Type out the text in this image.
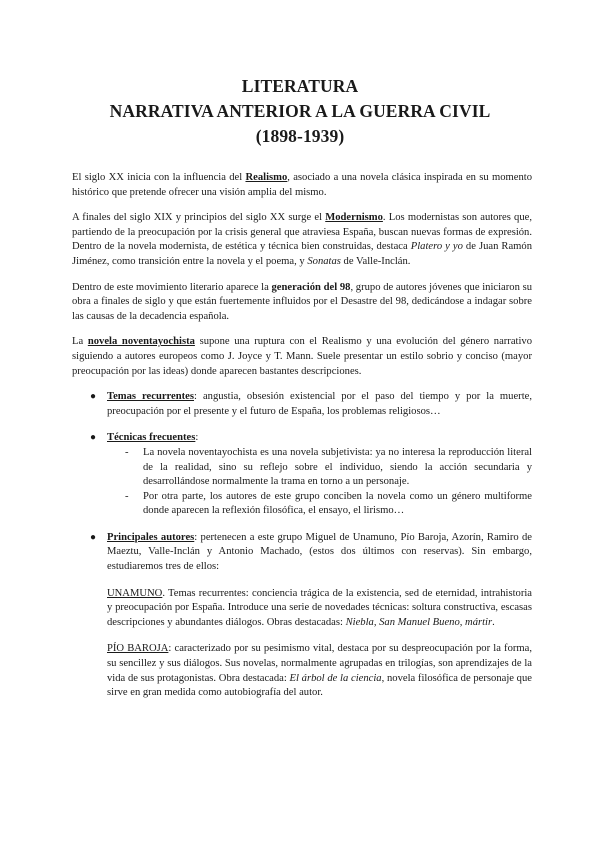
LITERATURA
NARRATIVA ANTERIOR A LA GUERRA CIVIL
(1898-1939)

El siglo XX inicia con la influencia del Realismo, asociado a una novela clásica inspirada en su momento histórico que pretende ofrecer una visión amplia del mismo.

A finales del siglo XIX y principios del siglo XX surge el Modernismo. Los modernistas son autores que, partiendo de la preocupación por la crisis general que atraviesa España, buscan nuevas formas de expresión. Dentro de la novela modernista, de estética y técnica bien construidas, destaca Platero y yo de Juan Ramón Jiménez, como transición entre la novela y el poema, y Sonatas de Valle-Inclán.

Dentro de este movimiento literario aparece la generación del 98, grupo de autores jóvenes que iniciaron su obra a finales de siglo y que están fuertemente influidos por el Desastre del 98, dedicándose a indagar sobre las causas de la decadencia española.

La novela noventayochista supone una ruptura con el Realismo y una evolución del género narrativo siguiendo a autores europeos como J. Joyce y T. Mann. Suele presentar un estilo sobrio y conciso (mayor preocupación por las ideas) donde aparecen bastantes descripciones.

● Temas recurrentes: angustia, obsesión existencial por el paso del tiempo y por la muerte, preocupación por el presente y el futuro de España, los problemas religiosos…
● Técnicas frecuentes:
- La novela noventayochista es una novela subjetivista: ya no interesa la reproducción literal de la realidad, sino su reflejo sobre el individuo, siendo la acción secundaria y desarrollándose normalmente la trama en torno a un personaje.
- Por otra parte, los autores de este grupo conciben la novela como un género multiforme donde aparecen la reflexión filosófica, el ensayo, el lirismo…
● Principales autores: pertenecen a este grupo Miguel de Unamuno, Pío Baroja, Azorín, Ramiro de Maeztu, Valle-Inclán y Antonio Machado, (estos dos últimos con reservas). Sin embargo, estudiaremos tres de ellos:

UNAMUNO. Temas recurrentes: conciencia trágica de la existencia, sed de eternidad, intrahistoria y preocupación por España. Introduce una serie de novedades técnicas: soltura constructiva, escasas descripciones y abundantes diálogos. Obras destacadas: Niebla, San Manuel Bueno, mártir.

PÍO BAROJA: caracterizado por su pesimismo vital, destaca por su despreocupación por la forma, su sencillez y sus diálogos. Sus novelas, normalmente agrupadas en trilogías, son aprendizajes de la vida de sus protagonistas. Obra destacada: El árbol de la ciencia, novela filosófica de personaje que sirve en gran medida como autobiografía del autor.
